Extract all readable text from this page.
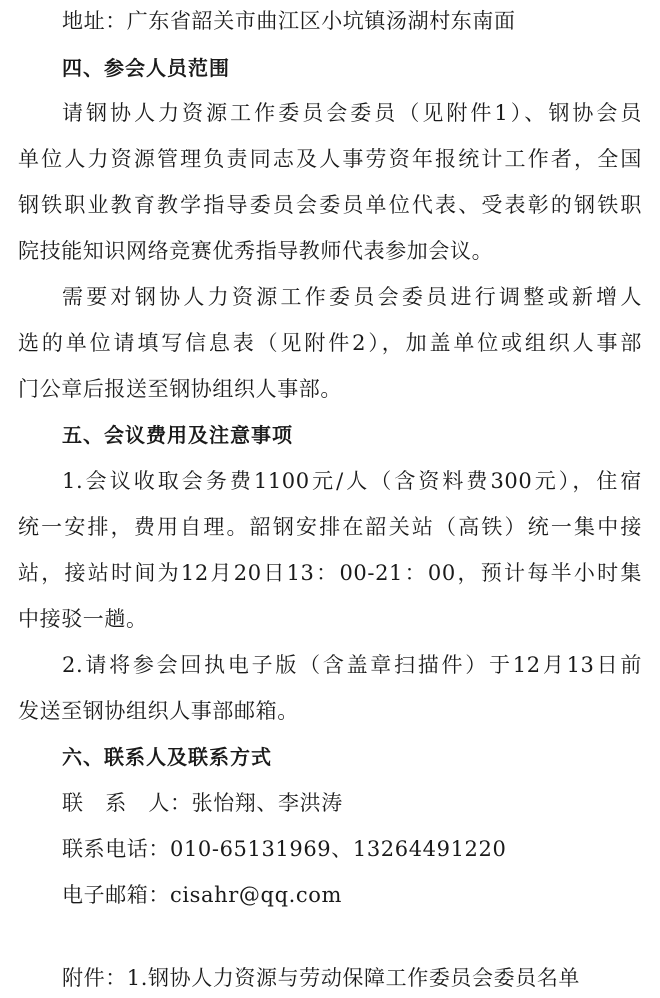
地址：广东省韶关市曲江区小坑镇汤湖村东南面
四、参会人员范围
请钢协人力资源工作委员会委员（见附件1）、钢协会员
单位人力资源管理负责同志及人事劳资年报统计工作者，全国
钢铁职业教育教学指导委员会委员单位代表、受表彰的钢铁职
院技能知识网络竞赛优秀指导教师代表参加会议。
需要对钢协人力资源工作委员会委员进行调整或新增人
选的单位请填写信息表（见附件2），加盖单位或组织人事部
门公章后报送至钢协组织人事部。
五、会议费用及注意事项
1.会议收取会务费1100元/人（含资料费300元），住宿
统一安排，费用自理。韶钢安排在韶关站（高铁）统一集中接
站，接站时间为12月20日13：00-21：00，预计每半小时集
中接驳一趟。
2.请将参会回执电子版（含盖章扫描件）于12月13日前
发送至钢协组织人事部邮箱。
六、联系人及联系方式
联　系　人：张怡翔、李洪涛
联系电话：010-65131969、13264491220
电子邮箱：cisahr@qq.com
附件：1.钢协人力资源与劳动保障工作委员会委员名单
